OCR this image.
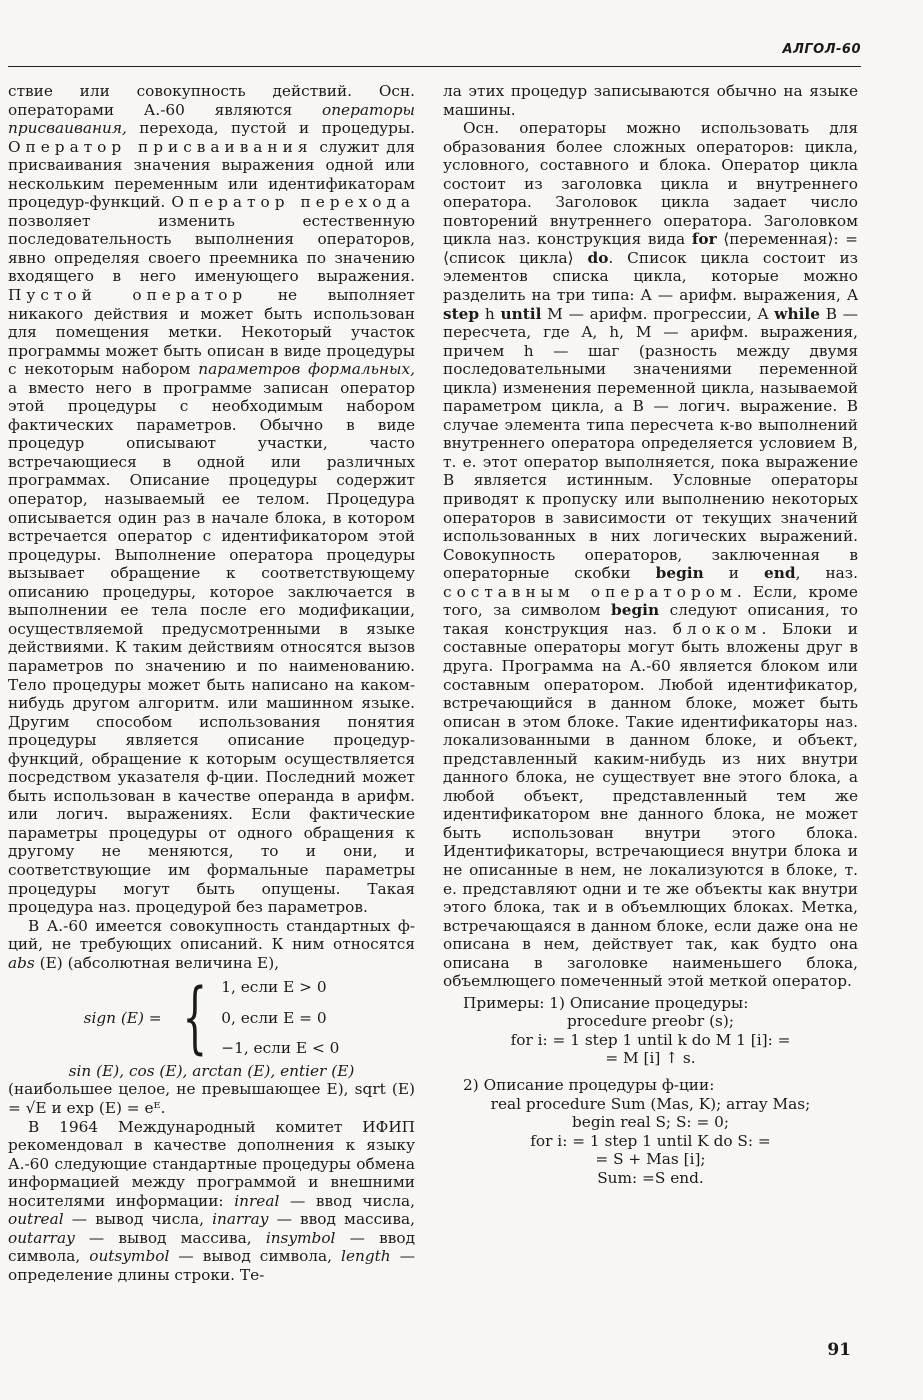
АЛГОЛ-60

ствие или совокупность действий. Осн. операторами А.-60 являются операторы присваивания, перехода, пустой и процедуры. Оператор присваивания служит для присваивания значения выражения одной или нескольким переменным или идентификаторам процедур-функций. Оператор перехода позволяет изменить естественную последовательность выполнения операторов, явно определяя своего преемника по значению входящего в него именующего выражения. Пустой оператор не выполняет никакого действия и может быть использован для помещения метки. Некоторый участок программы может быть описан в виде процедуры с некоторым набором параметров формальных, а вместо него в программе записан оператор этой процедуры с необходимым набором фактических параметров. Обычно в виде процедур описывают участки, часто встречающиеся в одной или различных программах. Описание процедуры содержит оператор, называемый ее телом. Процедура описывается один раз в начале блока, в котором встречается оператор с идентификатором этой процедуры. Выполнение оператора процедуры вызывает обращение к соответствующему описанию процедуры, которое заключается в выполнении ее тела после его модификации, осуществляемой предусмотренными в языке действиями. К таким действиям относятся вызов параметров по значению и по наименованию. Тело процедуры может быть написано на каком-нибудь другом алгоритм. или машинном языке. Другим способом использования понятия процедуры является описание процедур-функций, обращение к которым осуществляется посредством указателя ф-ции. Последний может быть использован в качестве операнда в арифм. или логич. выражениях. Если фактические параметры процедуры от одного обращения к другому не меняются, то и они, и соответствующие им формальные параметры процедуры могут быть опущены. Такая процедура наз. процедурой без параметров.

В А.-60 имеется совокупность стандартных ф-ций, не требующих описаний. К ним относятся abs (E) (абсолютная величина E),

sign (E) = { 1, если E > 0
0, если E = 0
−1, если E < 0

sin (E), cos (E), arctan (E), entier (E)

(наибольшее целое, не превышающее E), sqrt (E) = √E и exp (E) = eᴱ.

В 1964 Международный комитет ИФИП рекомендовал в качестве дополнения к языку А.-60 следующие стандартные процедуры обмена информацией между программой и внешними носителями информации: inreal — ввод числа, outreal — вывод числа, inarray — ввод массива, outarray — вывод массива, insymbol — ввод символа, outsymbol — вывод символа, length — определение длины строки. Те-

ла этих процедур записываются обычно на языке машины.

Осн. операторы можно использовать для образования более сложных операторов: цикла, условного, составного и блока. Оператор цикла состоит из заголовка цикла и внутреннего оператора. Заголовок цикла задает число повторений внутреннего оператора. Заголовком цикла наз. конструкция вида for ⟨переменная⟩: = ⟨список цикла⟩ do. Список цикла состоит из элементов списка цикла, которые можно разделить на три типа: A — арифм. выражения, A step h until M — арифм. прогрессии, A while B — пересчета, где A, h, M — арифм. выражения, причем h — шаг (разность между двумя последовательными значениями переменной цикла) изменения переменной цикла, называемой параметром цикла, а B — логич. выражение. В случае элемента типа пересчета к-во выполнений внутреннего оператора определяется условием B, т. е. этот оператор выполняется, пока выражение B является истинным. Условные операторы приводят к пропуску или выполнению некоторых операторов в зависимости от текущих значений использованных в них логических выражений. Совокупность операторов, заключенная в операторные скобки begin и end, наз. составным оператором. Если, кроме того, за символом begin следуют описания, то такая конструкция наз. блоком. Блоки и составные операторы могут быть вложены друг в друга. Программа на А.-60 является блоком или составным оператором. Любой идентификатор, встречающийся в данном блоке, может быть описан в этом блоке. Такие идентификаторы наз. локализованными в данном блоке, и объект, представленный каким-нибудь из них внутри данного блока, не существует вне этого блока, а любой объект, представленный тем же идентификатором вне данного блока, не может быть использован внутри этого блока. Идентификаторы, встречающиеся внутри блока и не описанные в нем, не локализуются в блоке, т. е. представляют одни и те же объекты как внутри этого блока, так и в объемлющих блоках. Метка, встречающаяся в данном блоке, если даже она не описана в нем, действует так, как будто она описана в заголовке наименьшего блока, объемлющего помеченный этой меткой оператор.

Примеры: 1) Описание процедуры:

procedure preobr (s);

for i: = 1 step 1 until k do M 1 [i]: =

= M [i] ↑ s.

2) Описание процедуры ф-ции:

real procedure Sum (Mas, K); array Mas;

begin real S; S: = 0;

for i: = 1 step 1 until K do S: =

= S + Mas [i];

Sum: =S end.

91
